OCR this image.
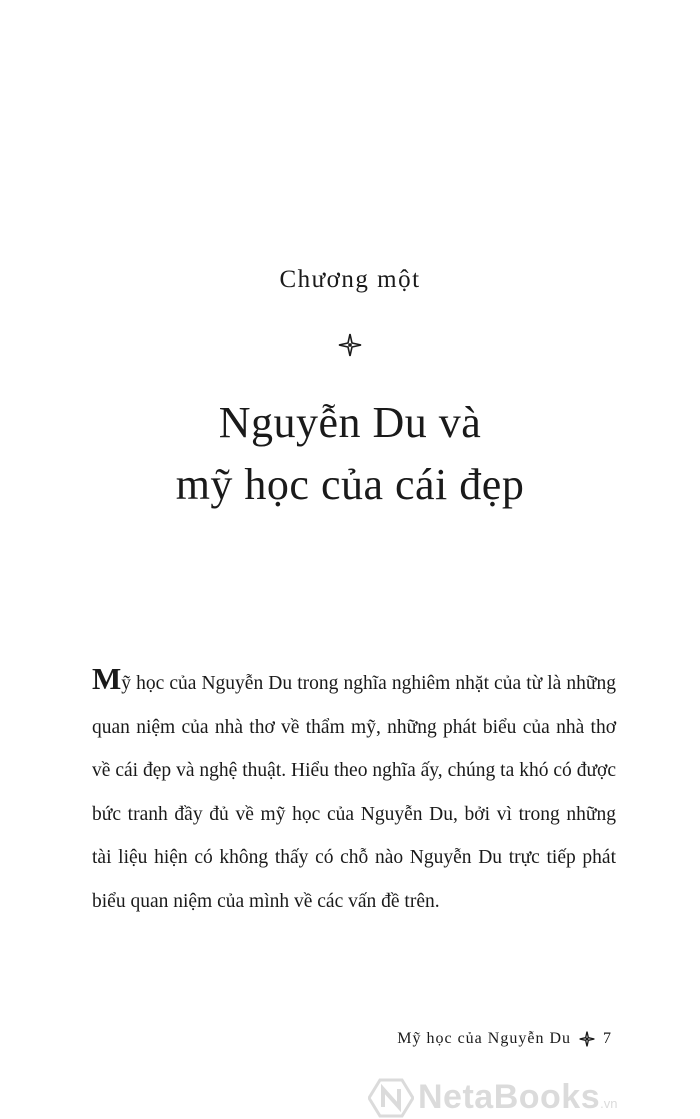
Chương một
Nguyễn Du và
mỹ học của cái đẹp
Mỹ học của Nguyễn Du trong nghĩa nghiêm nhặt của từ là những quan niệm của nhà thơ về thẩm mỹ, những phát biểu của nhà thơ về cái đẹp và nghệ thuật. Hiểu theo nghĩa ấy, chúng ta khó có được bức tranh đầy đủ về mỹ học của Nguyễn Du, bởi vì trong những tài liệu hiện có không thấy có chỗ nào Nguyễn Du trực tiếp phát biểu quan niệm của mình về các vấn đề trên.
Mỹ học của Nguyễn Du 7
NetaBooks .vn
